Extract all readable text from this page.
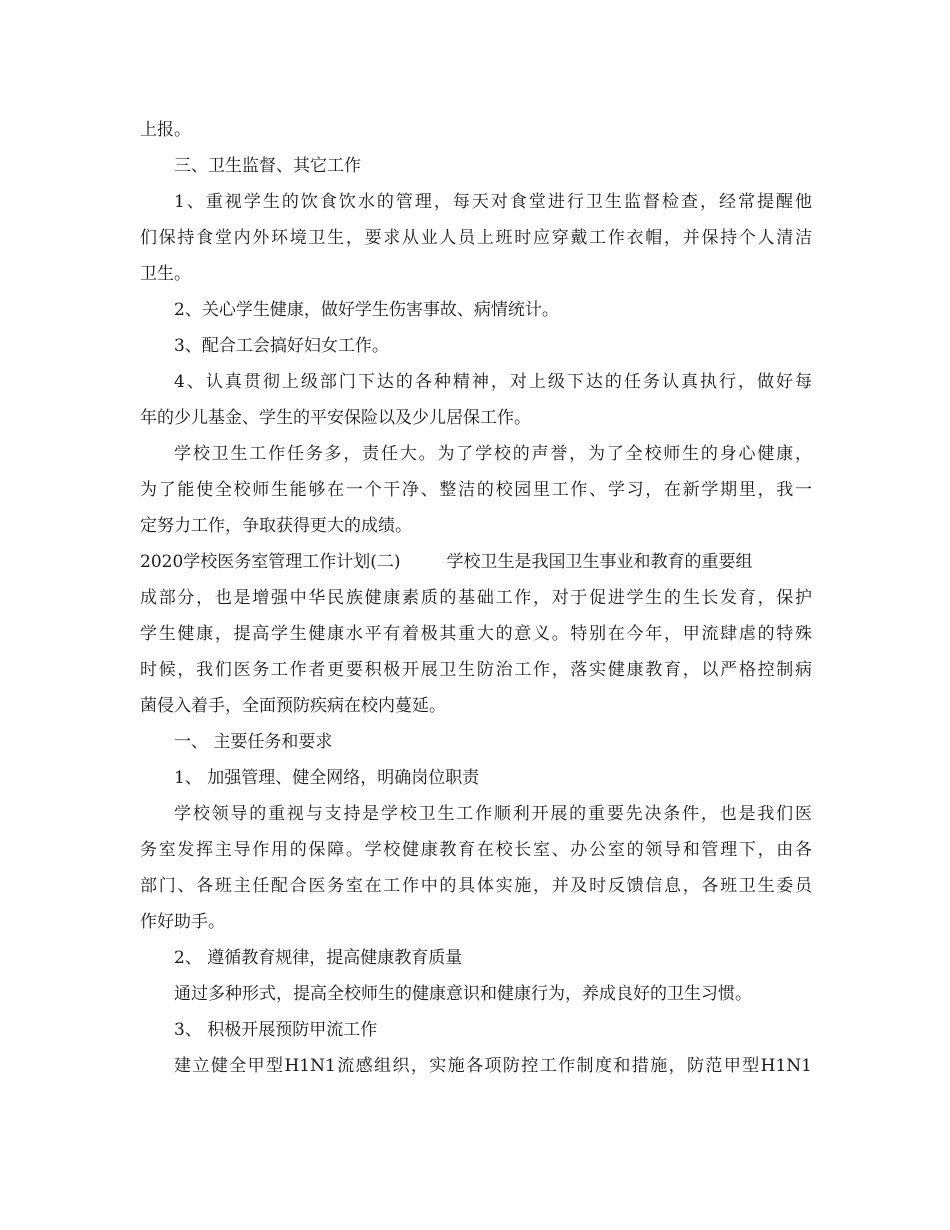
上报。
三、卫生监督、其它工作
1、重视学生的饮食饮水的管理，每天对食堂进行卫生监督检查，经常提醒他
们保持食堂内外环境卫生，要求从业人员上班时应穿戴工作衣帽，并保持个人清洁
卫生。
2、关心学生健康，做好学生伤害事故、病情统计。
3、配合工会搞好妇女工作。
4、认真贯彻上级部门下达的各种精神，对上级下达的任务认真执行，做好每
年的少儿基金、学生的平安保险以及少儿居保工作。
学校卫生工作任务多，责任大。为了学校的声誉，为了全校师生的身心健康，
为了能使全校师生能够在一个干净、整洁的校园里工作、学习，在新学期里，我一
定努力工作，争取获得更大的成绩。
2020学校医务室管理工作计划(二)	学校卫生是我国卫生事业和教育的重要组
成部分，也是增强中华民族健康素质的基础工作，对于促进学生的生长发育，保护
学生健康，提高学生健康水平有着极其重大的意义。特别在今年，甲流肆虐的特殊
时候，我们医务工作者更要积极开展卫生防治工作，落实健康教育，以严格控制病
菌侵入着手，全面预防疾病在校内蔓延。
一、 主要任务和要求
1、 加强管理、健全网络，明确岗位职责
学校领导的重视与支持是学校卫生工作顺利开展的重要先决条件，也是我们医
务室发挥主导作用的保障。学校健康教育在校长室、办公室的领导和管理下，由各
部门、各班主任配合医务室在工作中的具体实施，并及时反馈信息，各班卫生委员
作好助手。
2、 遵循教育规律，提高健康教育质量
通过多种形式，提高全校师生的健康意识和健康行为，养成良好的卫生习惯。
3、 积极开展预防甲流工作
建立健全甲型H1N1流感组织，实施各项防控工作制度和措施，防范甲型H1N1
